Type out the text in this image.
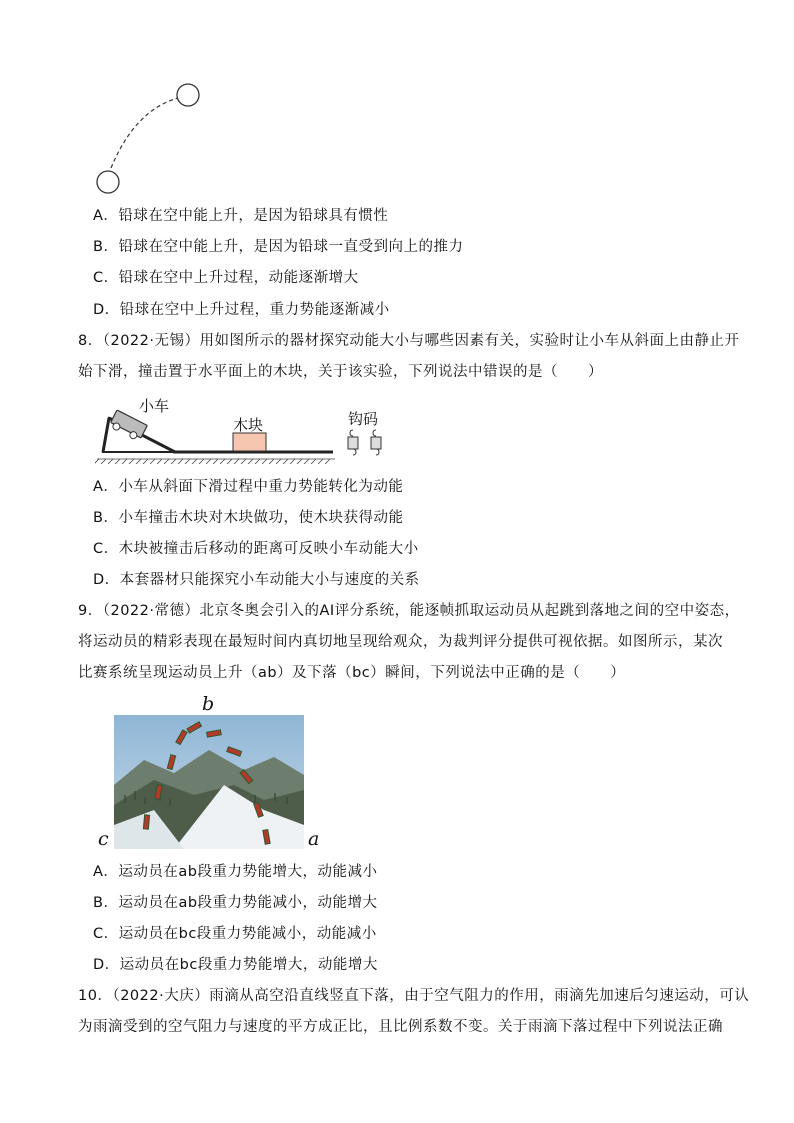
A．铅球在空中能上升，是因为铅球具有惯性
B．铅球在空中能上升，是因为铅球一直受到向上的推力
C．铅球在空中上升过程，动能逐渐增大
D．铅球在空中上升过程，重力势能逐渐减小
8．（2022·无锡）用如图所示的器材探究动能大小与哪些因素有关，实验时让小车从斜面上由静止开
始下滑，撞击置于水平面上的木块，关于该实验，下列说法中错误的是（　　）
小车
木块	钩码
A．小车从斜面下滑过程中重力势能转化为动能
B．小车撞击木块对木块做功，使木块获得动能
C．木块被撞击后移动的距离可反映小车动能大小
D．本套器材只能探究小车动能大小与速度的关系
9．（2022·常德）北京冬奥会引入的AI评分系统，能逐帧抓取运动员从起跳到落地之间的空中姿态，
将运动员的精彩表现在最短时间内真切地呈现给观众，为裁判评分提供可视依据。如图所示，某次
比赛系统呈现运动员上升（ab）及下落（bc）瞬间，下列说法中正确的是（　　）
b
c	a
A．运动员在ab段重力势能增大，动能减小
B．运动员在ab段重力势能减小，动能增大
C．运动员在bc段重力势能减小，动能减小
D．运动员在bc段重力势能增大，动能增大
10．（2022·大庆）雨滴从高空沿直线竖直下落，由于空气阻力的作用，雨滴先加速后匀速运动，可认
为雨滴受到的空气阻力与速度的平方成正比，且比例系数不变。关于雨滴下落过程中下列说法正确
